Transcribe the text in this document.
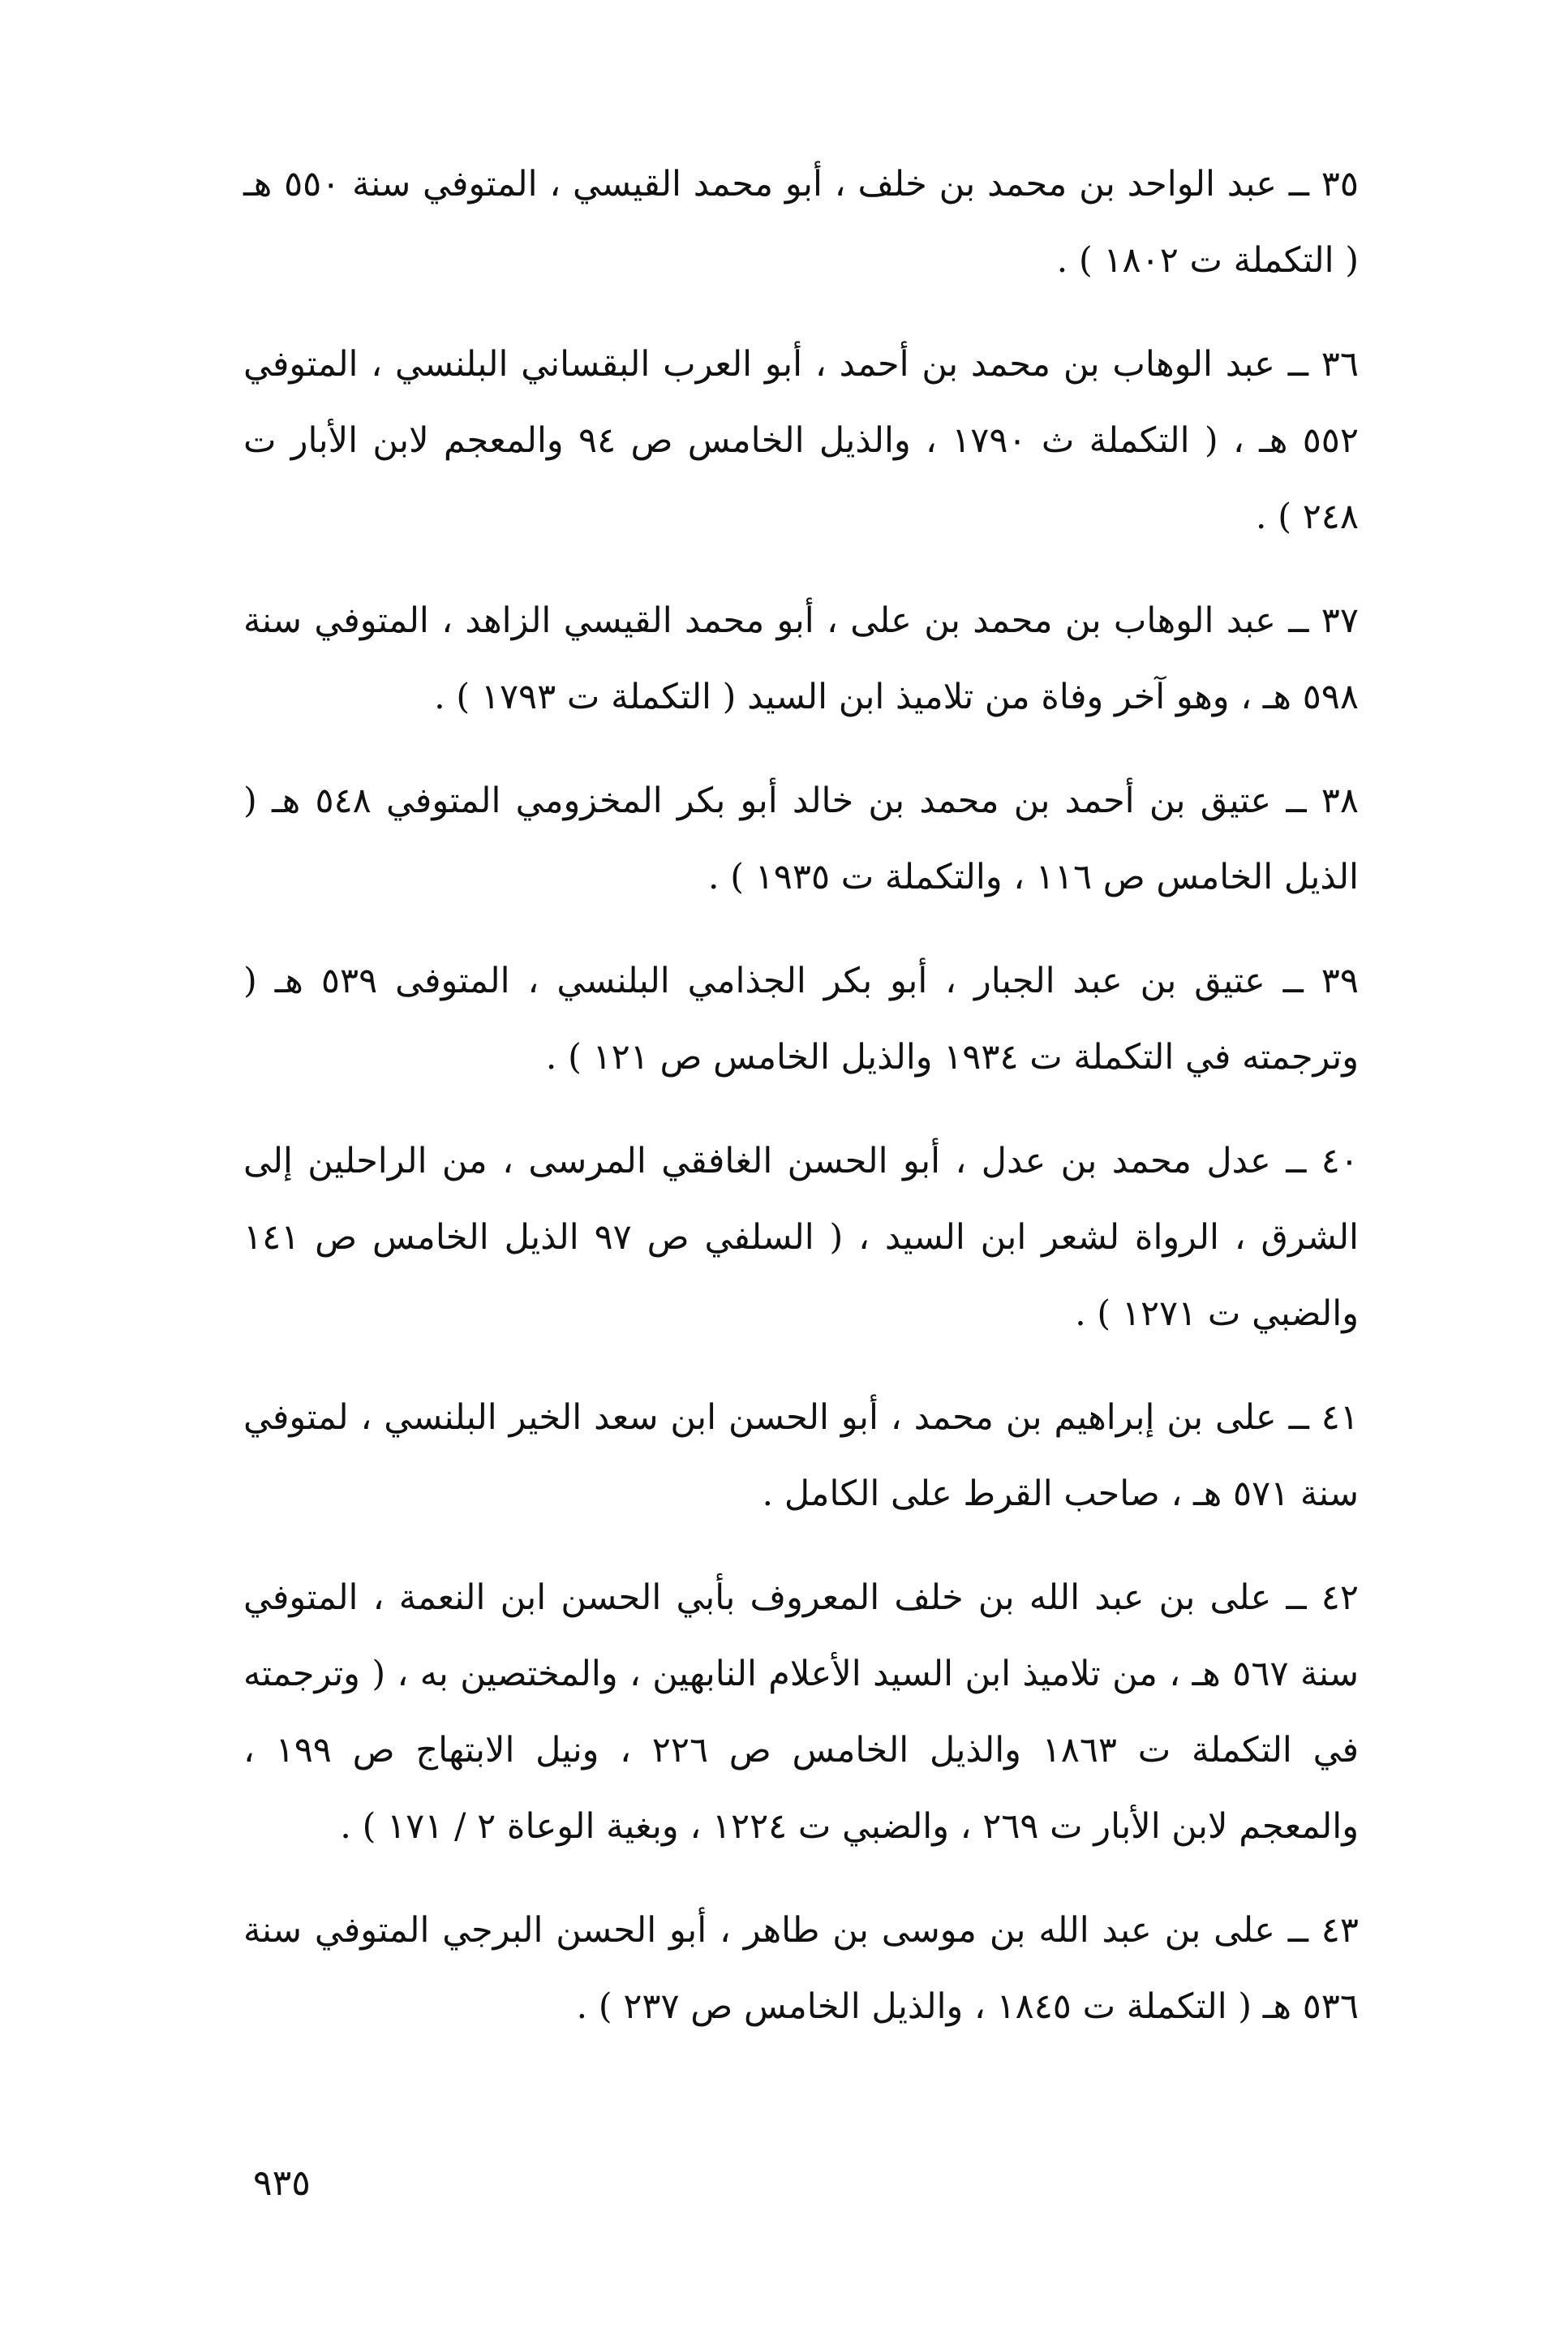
٣٥ ــ عبد الواحد بن محمد بن خلف ، أبو محمد القيسي ، المتوفي سنة ٥٥٠ هـ ( التكملة ت ١٨٠٢ ) .

٣٦ ــ عبد الوهاب بن محمد بن أحمد ، أبو العرب البقساني البلنسي ، المتوفي ٥٥٢ هـ ، ( التكملة ث ١٧٩٠ ، والذيل الخامس ص ٩٤ والمعجم لابن الأبار ت ٢٤٨ ) .

٣٧ ــ عبد الوهاب بن محمد بن على ، أبو محمد القيسي الزاهد ، المتوفي سنة ٥٩٨ هـ ، وهو آخر وفاة من تلاميذ ابن السيد ( التكملة ت ١٧٩٣ ) .

٣٨ ــ عتيق بن أحمد بن محمد بن خالد أبو بكر المخزومي المتوفي ٥٤٨ هـ ( الذيل الخامس ص ١١٦ ، والتكملة ت ١٩٣٥ ) .

٣٩ ــ عتيق بن عبد الجبار ، أبو بكر الجذامي البلنسي ، المتوفى ٥٣٩ هـ ( وترجمته في التكملة ت ١٩٣٤ والذيل الخامس ص ١٢١ ) .

٤٠ ــ عدل محمد بن عدل ، أبو الحسن الغافقي المرسى ، من الراحلين إلى الشرق ، الرواة لشعر ابن السيد ، ( السلفي ص ٩٧ الذيل الخامس ص ١٤١ والضبي ت ١٢٧١ ) .

٤١ ــ على بن إبراهيم بن محمد ، أبو الحسن ابن سعد الخير البلنسي ، لمتوفي سنة ٥٧١ هـ ، صاحب القرط على الكامل .

٤٢ ــ على بن عبد الله بن خلف المعروف بأبي الحسن ابن النعمة ، المتوفي سنة ٥٦٧ هـ ، من تلاميذ ابن السيد الأعلام النابهين ، والمختصين به ، ( وترجمته في التكملة ت ١٨٦٣ والذيل الخامس ص ٢٢٦ ، ونيل الابتهاج ص ١٩٩ ، والمعجم لابن الأبار ت ٢٦٩ ، والضبي ت ١٢٢٤ ، وبغية الوعاة ٢ / ١٧١ ) .

٤٣ ــ على بن عبد الله بن موسى بن طاهر ، أبو الحسن البرجي المتوفي سنة ٥٣٦ هـ ( التكملة ت ١٨٤٥ ، والذيل الخامس ص ٢٣٧ ) .

٩٣٥
